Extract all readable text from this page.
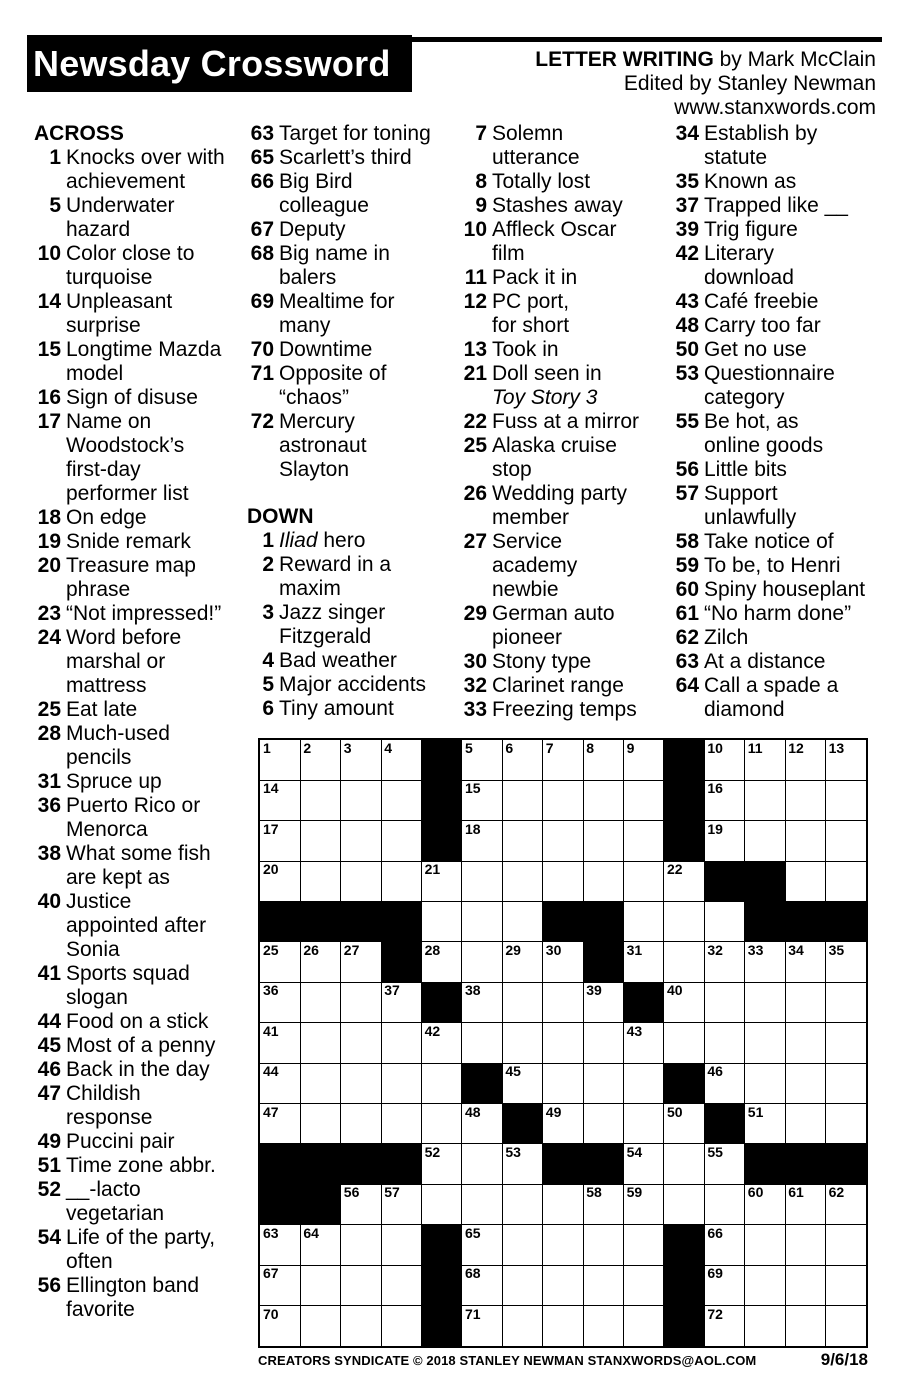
Newsday Crossword	LETTER WRITING by Mark McClain
Edited by Stanley Newman
www.stanxwords.com
ACROSS
1 Knocks over with
achievement
5 Underwater
hazard
10 Color close to
turquoise
14 Unpleasant
surprise
15 Longtime Mazda
model
16 Sign of disuse
17 Name on
Woodstock’s
first-day
performer list
18 On edge
19 Snide remark
20 Treasure map
phrase
23 “Not impressed!”
24 Word before
marshal or
mattress
25 Eat late
28 Much-used
pencils
31 Spruce up
36 Puerto Rico or
Menorca
38 What some fish
are kept as
40 Justice
appointed after
Sonia
41 Sports squad
slogan
44 Food on a stick
45 Most of a penny
46 Back in the day
47 Childish
response
49 Puccini pair
51 Time zone abbr.
52 __-lacto
vegetarian
54 Life of the party,
often
56 Ellington band
favorite
63 Target for toning
65 Scarlett’s third
66 Big Bird
colleague
67 Deputy
68 Big name in
balers
69 Mealtime for
many
70 Downtime
71 Opposite of
“chaos”
72 Mercury
astronaut
Slayton
DOWN
1 Iliad hero
2 Reward in a
maxim
3 Jazz singer
Fitzgerald
4 Bad weather
5 Major accidents
6 Tiny amount
7 Solemn
utterance
8 Totally lost
9 Stashes away
10 Affleck Oscar
film
11 Pack it in
12 PC port,
for short
13 Took in
21 Doll seen in
Toy Story 3
22 Fuss at a mirror
25 Alaska cruise
stop
26 Wedding party
member
27 Service
academy
newbie
29 German auto
pioneer
30 Stony type
32 Clarinet range
33 Freezing temps
34 Establish by
statute
35 Known as
37 Trapped like __
39 Trig figure
42 Literary
download
43 Café freebie
48 Carry too far
50 Get no use
53 Questionnaire
category
55 Be hot, as
online goods
56 Little bits
57 Support
unlawfully
58 Take notice of
59 To be, to Henri
60 Spiny houseplant
61 “No harm done”
62 Zilch
63 At a distance
64 Call a spade a
diamond
1 2 3 4	5 6 7 8 9	10 11 12 13
14	15	16
17	18	19
20	21	22
25 26 27	28	29 30	31	32 33 34 35
36	37	38	39	40
41	42	43
44	45	46
47	48	49	50	51
52	53	54	55
56 57	58 59	60 61 62
63 64	65	66
67	68	69
70	71	72
CREATORS SYNDICATE © 2018 STANLEY NEWMAN STANXWORDS@AOL.COM	9/6/18
